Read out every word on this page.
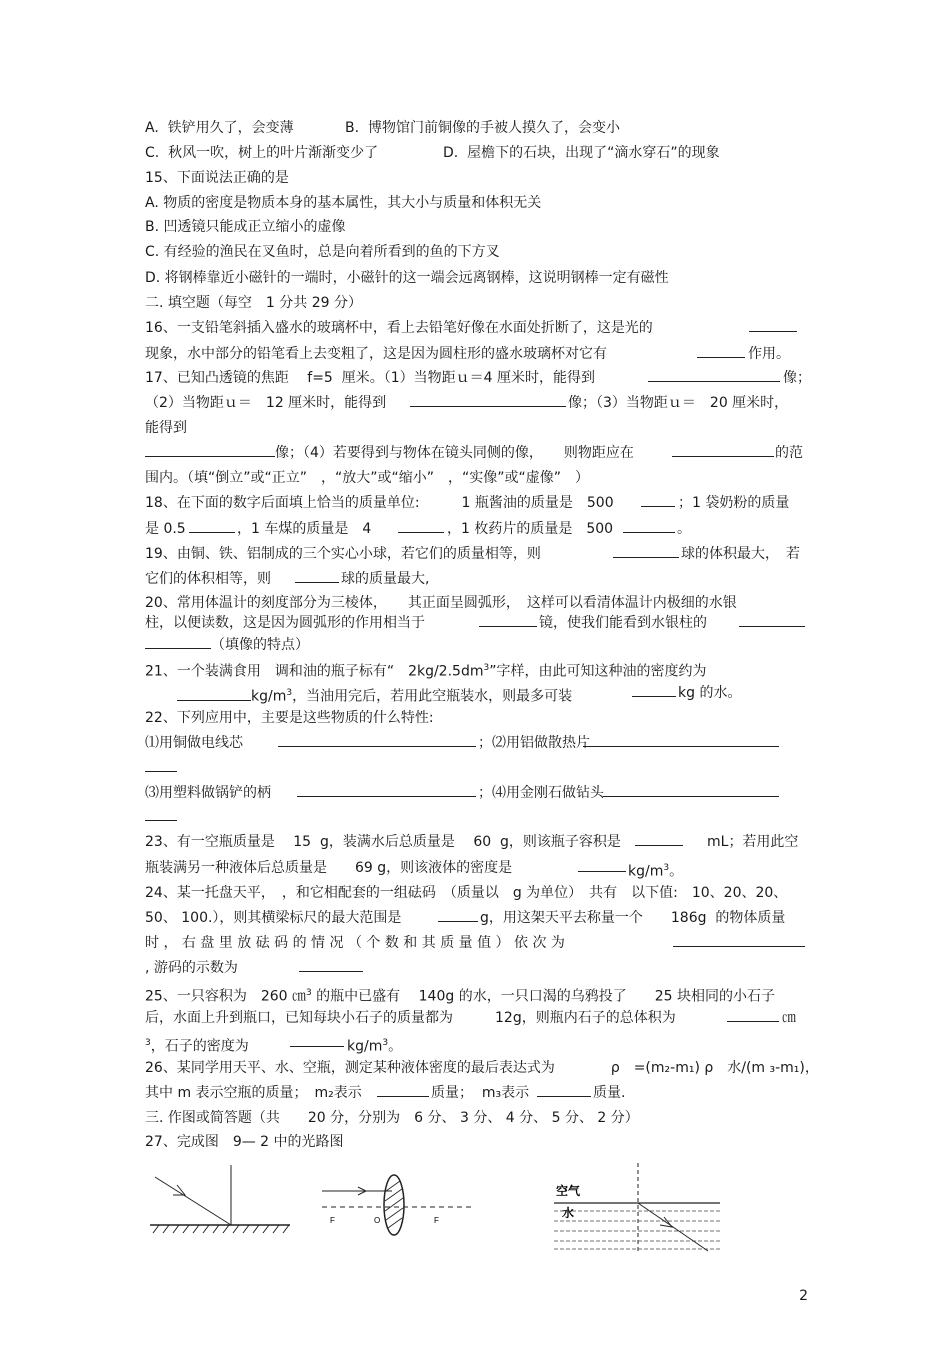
A.  铁铲用久了，会变薄	B.  博物馆门前铜像的手被人摸久了，会变小
C.  秋风一吹，树上的叶片渐渐变少了	D.  屋檐下的石块，出现了“滴水穿石”的现象
15、下面说法正确的是
A. 物质的密度是物质本身的基本属性，其大小与质量和体积无关
B. 凹透镜只能成正立缩小的虚像
C. 有经验的渔民在叉鱼时，总是向着所看到的鱼的下方叉
D. 将钢棒靠近小磁针的一端时，小磁针的这一端会远离钢棒，这说明钢棒一定有磁性
二. 填空题（每空　1 分共 29 分）
16、一支铅笔斜插入盛水的玻璃杯中，看上去铅笔好像在水面处折断了，这是光的
现象，水中部分的铅笔看上去变粗了，这是因为圆柱形的盛水玻璃杯对它有	作用。
17、已知凸透镜的焦距　 f=5  厘米。（1）当物距ｕ＝4 厘米时，能得到	像；
（2）当物距ｕ＝　12 厘米时，能得到	像；（3）当物距ｕ＝　20 厘米时，
能得到
像；（4）若要得到与物体在镜头同侧的像，　　则物距应在	的范
围内。（填“倒立”或“正立”　，“放大”或“缩小”　，“实像”或“虚像”　）
18、在下面的数字后面填上恰当的质量单位:　　　1 瓶酱油的质量是　500	；1 袋奶粉的质量
是 0.5	，1 车煤的质量是　4	，1 枚药片的质量是　500	。
19、由铜、铁、铝制成的三个实心小球，若它们的质量相等，则	球的体积最大，　若
它们的体积相等，则	球的质量最大,
20、常用体温计的刻度部分为三棱体，　　其正面呈圆弧形，　这样可以看清体温计内极细的水银
柱，以便读数，这是因为圆弧形的作用相当于	镜，使我们能看到水银柱的
（填像的特点）
21、一个装满食用　调和油的瓶子标有“　$2kg/2.5dm^3$”字样，由此可知这种油的密度约为
$kg/m^3$，当油用完后，若用此空瓶装水，则最多可装	kg 的水。
22、下列应用中，主要是这些物质的什么特性:
⑴用铜做电线芯	；⑵用铝做散热片
⑶用塑料做锅铲的柄	；⑷用金刚石做钻头
23、有一空瓶质量是　 15  g，装满水后总质量是　 60  g，则该瓶子容积是	mL；若用此空
瓶装满另一种液体后总质量是　　69 g，则该液体的密度是	$kg/m^3$。
24、某一托盘天平，　，和它相配套的一组砝码　（质量以　g 为单位）　共有　以下值:　10、20、20、
50、 100.），则其横梁标尺的最大范围是	g，用这架天平去称量一个　　186g  的物体质量
时 ， 右 盘 里 放 砝 码 的 情 况 （ 个 数 和 其 质 量 值 ） 依 次 为
, 游码的示数为
25、一只容积为　260 ㎝$^3$ 的瓶中已盛有　 140g 的水，一只口渴的乌鸦投了　　25 块相同的小石子
后，水面上升到瓶口，已知每块小石子的质量都为　　　12g，则瓶内石子的总体积为	㎝
$^3$，石子的密度为	$kg/m^3$。
26、某同学用天平、水、空瓶，测定某种液体密度的最后表达式为　　　　ρ　=(m₂-m₁) ρ　水/(m ₃-m₁)，
其中 m 表示空瓶的质量；　m₂表示	质量；  m₃表示	质量.
三. 作图或简答题（共　　20 分，分别为　6 分、 3 分、 4 分、 5 分、 2 分）
27、完成图　9— 2 中的光路图
F	O	F
空气
水
2
